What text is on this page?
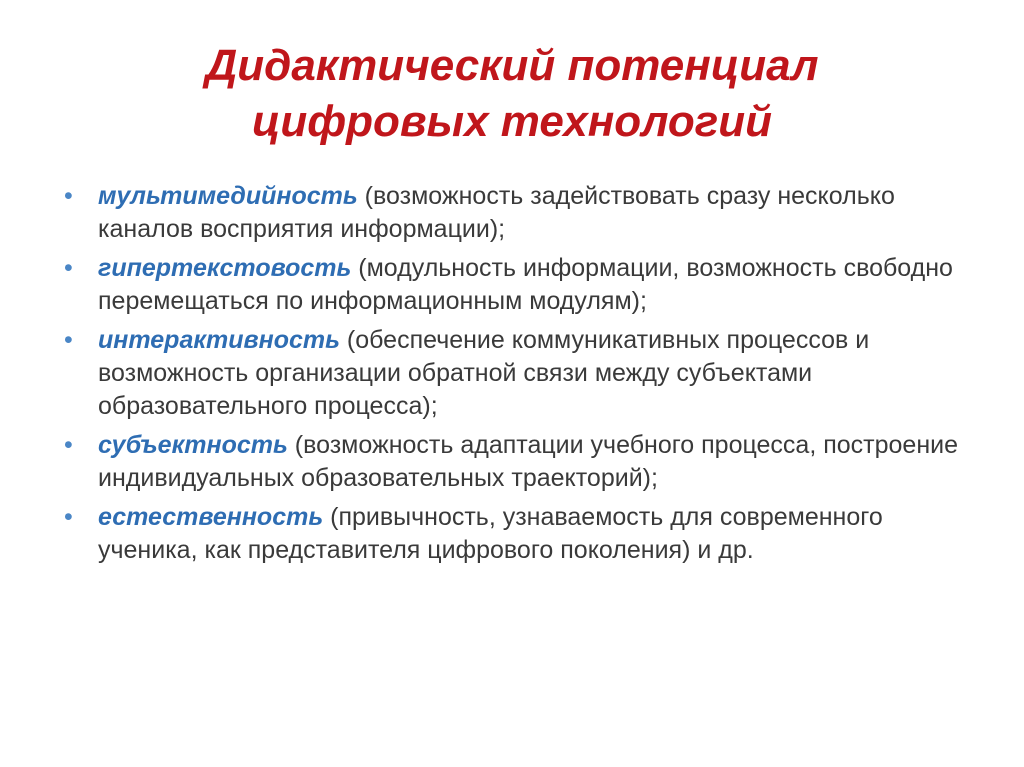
Дидактический потенциал
цифровых технологий
• мультимедийность (возможность задействовать сразу несколько каналов восприятия информации);
• гипертекстовость (модульность информации, возможность свободно перемещаться по информационным модулям);
• интерактивность (обеспечение коммуникативных процессов и возможность организации обратной связи между субъектами образовательного процесса);
• субъектность (возможность адаптации учебного процесса, построение индивидуальных образовательных траекторий);
• естественность (привычность, узнаваемость для современного ученика, как представителя цифрового поколения) и др.
